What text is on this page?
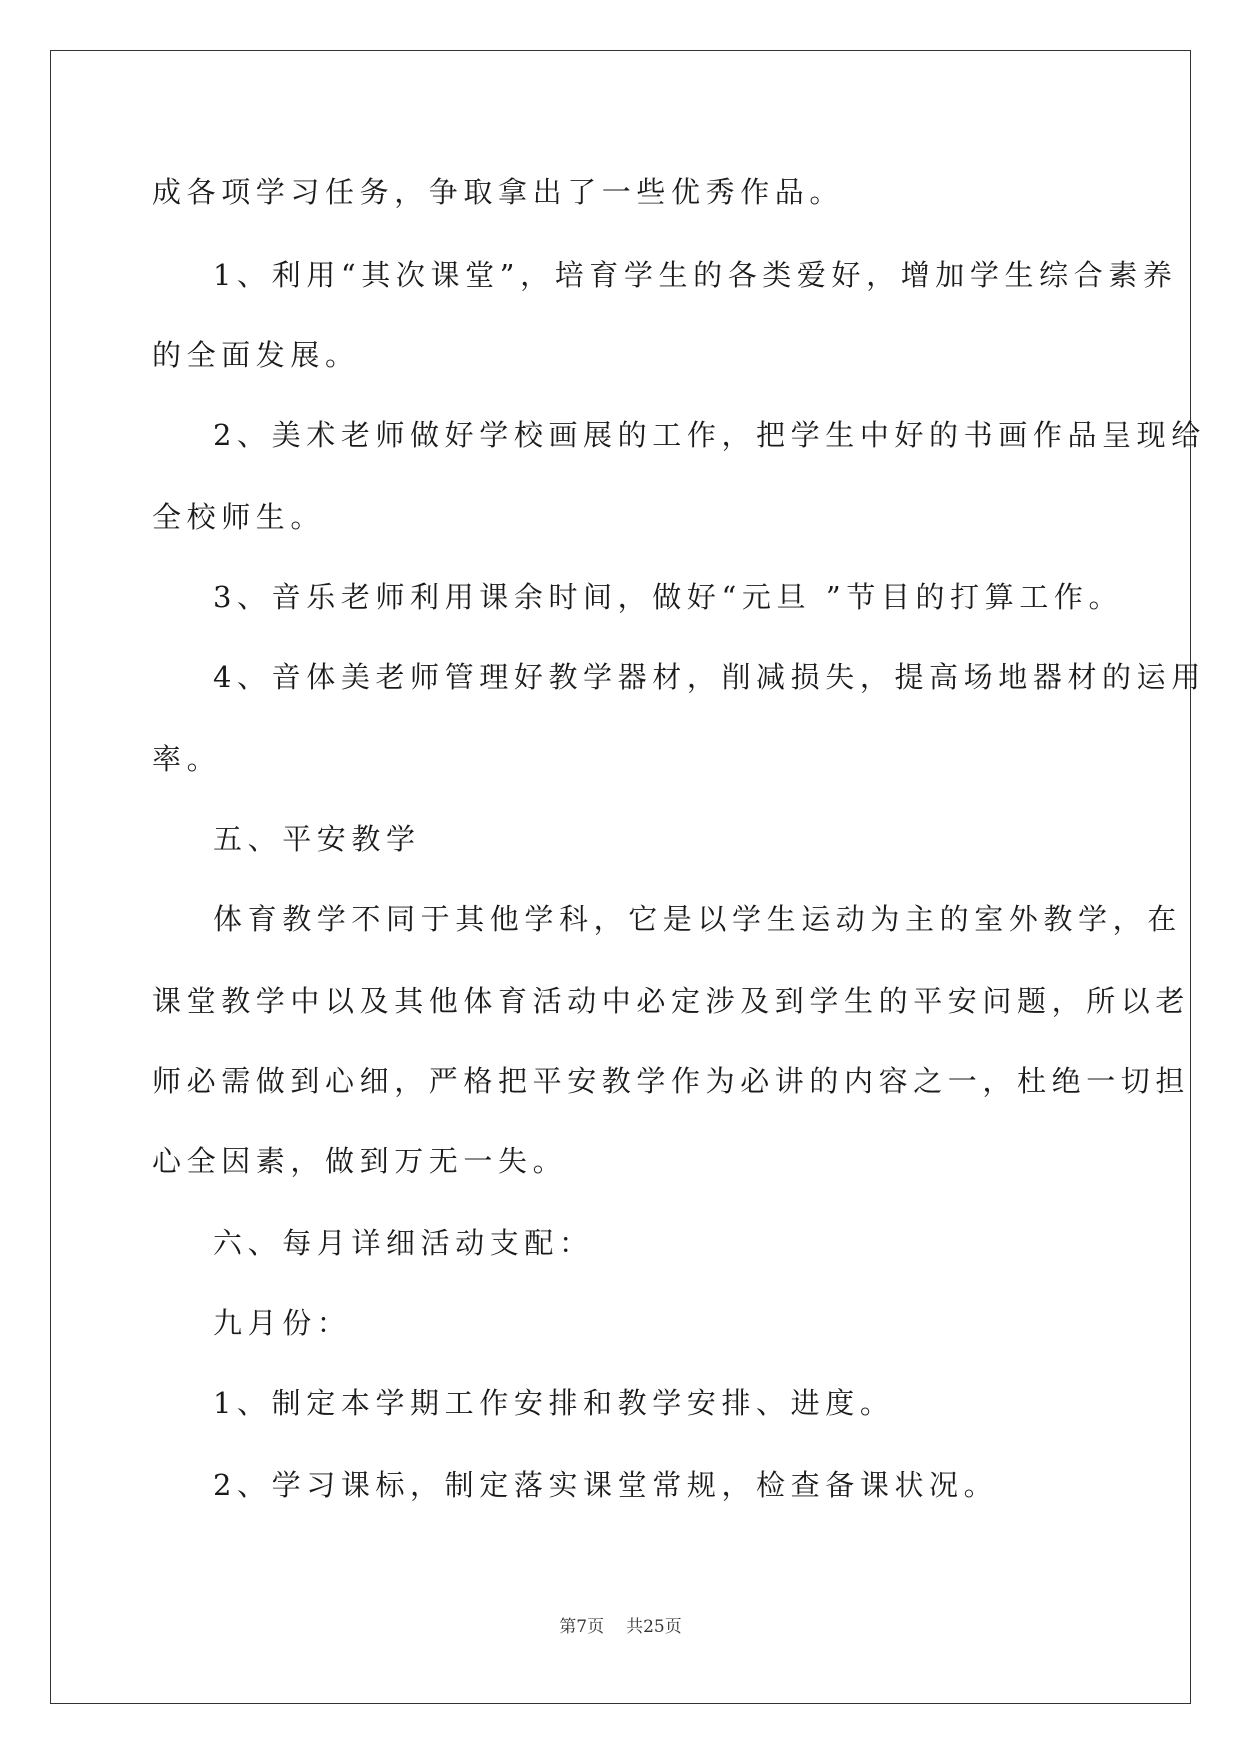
成各项学习任务，争取拿出了一些优秀作品。
1、利用“其次课堂”，培育学生的各类爱好，增加学生综合素养
的全面发展。
2、美术老师做好学校画展的工作，把学生中好的书画作品呈现给
全校师生。
3、音乐老师利用课余时间，做好“元旦 ”节目的打算工作。
4、音体美老师管理好教学器材，削减损失，提高场地器材的运用
率。
五、平安教学
体育教学不同于其他学科，它是以学生运动为主的室外教学，在
课堂教学中以及其他体育活动中必定涉及到学生的平安问题，所以老
师必需做到心细，严格把平安教学作为必讲的内容之一，杜绝一切担
心全因素，做到万无一失。
六、每月详细活动支配：
九月份：
1、制定本学期工作安排和教学安排、进度。
2、学习课标，制定落实课堂常规，检查备课状况。
第7页 共25页
